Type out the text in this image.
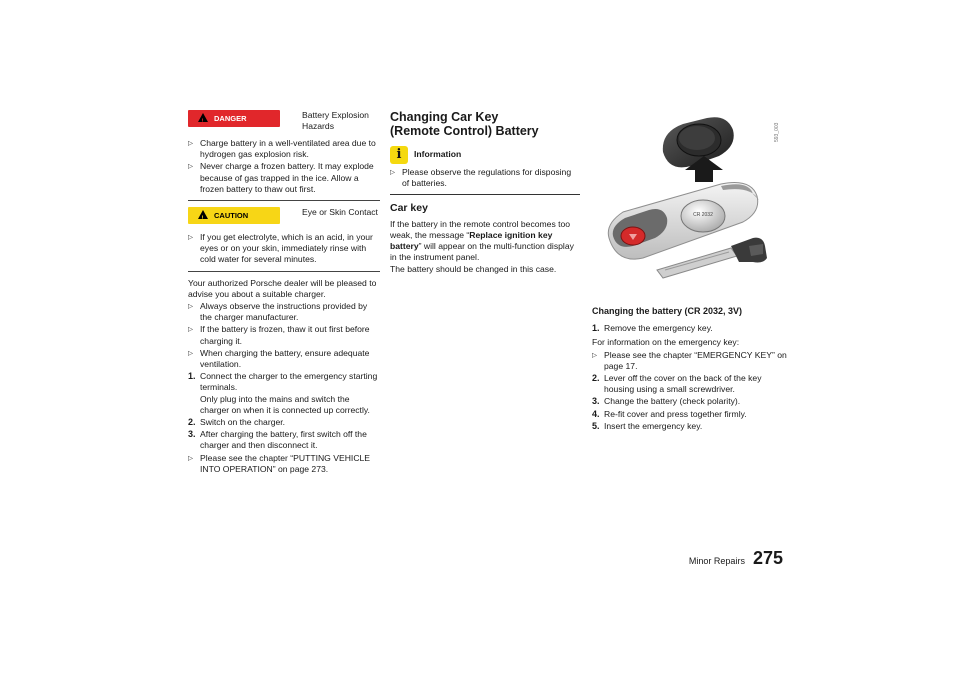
!DANGER	Battery Explosion Hazards
▷ Charge battery in a well-ventilated area due to hydrogen gas explosion risk.
▷ Never charge a frozen battery. It may explode because of gas trapped in the ice. Allow a frozen battery to thaw out first.
!CAUTION	Eye or Skin Contact
▷ If you get electrolyte, which is an acid, in your eyes or on your skin, immediately rinse with cold water for several minutes.
Your authorized Porsche dealer will be pleased to advise you about a suitable charger.
▷ Always observe the instructions provided by the charger manufacturer.
▷ If the battery is frozen, thaw it out first before charging it.
▷ When charging the battery, ensure adequate ventilation.
1. Connect the charger to the emergency starting terminals.
Only plug into the mains and switch the charger on when it is connected up correctly.
2. Switch on the charger.
3. After charging the battery, first switch off the charger and then disconnect it.
▷ Please see the chapter “PUTTING VEHICLE INTO OPERATION” on page 273.
Changing Car Key
(Remote Control) Battery
i	Information
▷ Please observe the regulations for disposing of batteries.
Car key
If the battery in the remote control becomes too weak, the message “Replace ignition key battery” will appear on the multi-function display in the instrument panel.
The battery should be changed in this case.
593_003
CR 2032
Changing the battery (CR 2032, 3V)
1. Remove the emergency key.
For information on the emergency key:
▷ Please see the chapter “EMERGENCY KEY” on page 17.
2. Lever off the cover on the back of the key housing using a small screwdriver.
3. Change the battery (check polarity).
4. Re-fit cover and press together firmly.
5. Insert the emergency key.
Minor Repairs 275
